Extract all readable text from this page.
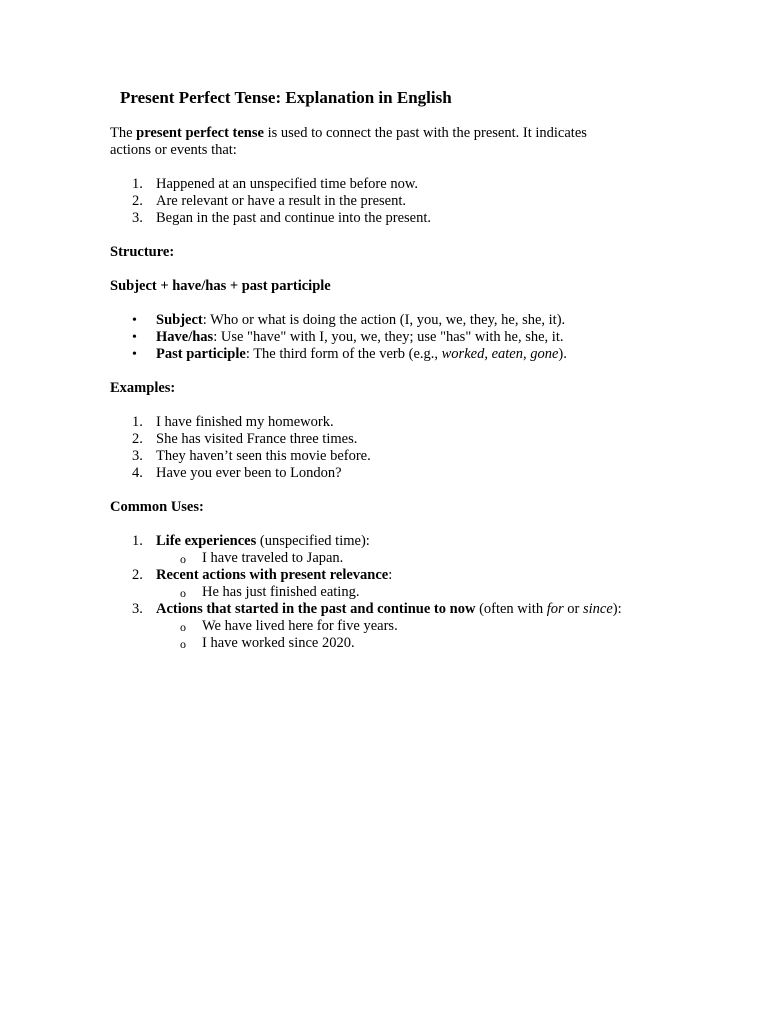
Present Perfect Tense: Explanation in English

The present perfect tense is used to connect the past with the present. It indicates
actions or events that:

1. Happened at an unspecified time before now.
2. Are relevant or have a result in the present.
3. Began in the past and continue into the present.

Structure:

Subject + have/has + past participle

• Subject: Who or what is doing the action (I, you, we, they, he, she, it).
• Have/has: Use "have" with I, you, we, they; use "has" with he, she, it.
• Past participle: The third form of the verb (e.g., worked, eaten, gone).

Examples:

1. I have finished my homework.
2. She has visited France three times.
3. They haven’t seen this movie before.
4. Have you ever been to London?

Common Uses:

1. Life experiences (unspecified time):
o I have traveled to Japan.
2. Recent actions with present relevance:
o He has just finished eating.
3. Actions that started in the past and continue to now (often with for or since):
o We have lived here for five years.
o I have worked since 2020.
